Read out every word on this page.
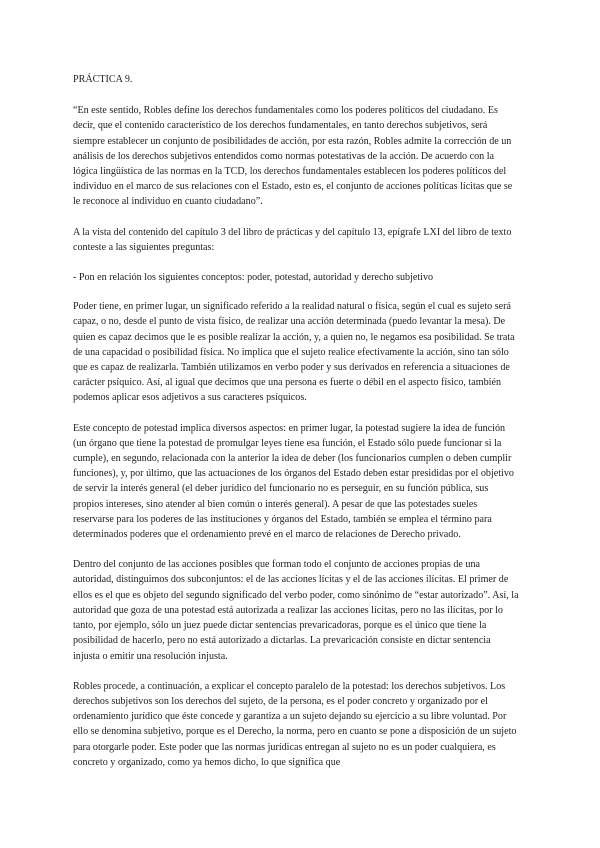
PRÁCTICA 9.

“En este sentido, Robles define los derechos fundamentales como los poderes políticos del ciudadano. Es decir, que el contenido característico de los derechos fundamentales, en tanto derechos subjetivos, será siempre establecer un conjunto de posibilidades de acción, por esta razón, Robles admite la corrección de un análisis de los derechos subjetivos entendidos como normas potestativas de la acción. De acuerdo con la lógica lingüística de las normas en la TCD, los derechos fundamentales establecen los poderes políticos del individuo en el marco de sus relaciones con el Estado, esto es, el conjunto de acciones políticas lícitas que se le reconoce al individuo en cuanto ciudadano”.

A la vista del contenido del capítulo 3 del libro de prácticas y del capítulo 13, epígrafe LXI del libro de texto conteste a las siguientes preguntas:

- Pon en relación los siguientes conceptos: poder, potestad, autoridad y derecho subjetivo

Poder tiene, en primer lugar, un significado referido a la realidad natural o física, según el cual es sujeto será capaz, o no, desde el punto de vista físico, de realizar una acción determinada (puedo levantar la mesa). De quien es capaz decimos que le es posible realizar la acción, y, a quien no, le negamos esa posibilidad. Se trata de una capacidad o posibilidad física. No implica que el sujeto realice efectivamente la acción, sino tan sólo que es capaz de realizarla. También utilizamos en verbo poder y sus derivados en referencia a situaciones de carácter psíquico. Así, al igual que decimos que una persona es fuerte o débil en el aspecto físico, también podemos aplicar esos adjetivos a sus caracteres psíquicos.

Este concepto de potestad implica diversos aspectos: en primer lugar, la potestad sugiere la idea de función (un órgano que tiene la potestad de promulgar leyes tiene esa función, el Estado sólo puede funcionar si la cumple), en segundo, relacionada con la anterior la idea de deber (los funcionarios cumplen o deben cumplir funciones), y, por último, que las actuaciones de los órganos del Estado deben estar presididas por el objetivo de servir la interés general (el deber jurídico del funcionario no es perseguir, en su función pública, sus propios intereses, sino atender al bien común o interés general). A pesar de que las potestades sueles reservarse para los poderes de las instituciones y órganos del Estado, también se emplea el término para determinados poderes que el ordenamiento prevé en el marco de relaciones de Derecho privado.

Dentro del conjunto de las acciones posibles que forman todo el conjunto de acciones propias de una autoridad, distinguimos dos subconjuntos: el de las acciones lícitas y el de las acciones ilícitas. El primer de ellos es el que es objeto del segundo significado del verbo poder, como sinónimo de “estar autorizado”. Así, la autoridad que goza de una potestad está autorizada a realizar las acciones lícitas, pero no las ilícitas, por lo tanto, por ejemplo, sólo un juez puede dictar sentencias prevaricadoras, porque es el único que tiene la posibilidad de hacerlo, pero no está autorizado a dictarlas. La prevaricación consiste en dictar sentencia injusta o emitir una resolución injusta.

Robles procede, a continuación, a explicar el concepto paralelo de la potestad: los derechos subjetivos. Los derechos subjetivos son los derechos del sujeto, de la persona, es el poder concreto y organizado por el ordenamiento jurídico que éste concede y garantiza a un sujeto dejando su ejercicio a su libre voluntad. Por ello se denomina subjetivo, porque es el Derecho, la norma, pero en cuanto se pone a disposición de un sujeto para otorgarle poder. Este poder que las normas jurídicas entregan al sujeto no es un poder cualquiera, es concreto y organizado, como ya hemos dicho, lo que significa que
